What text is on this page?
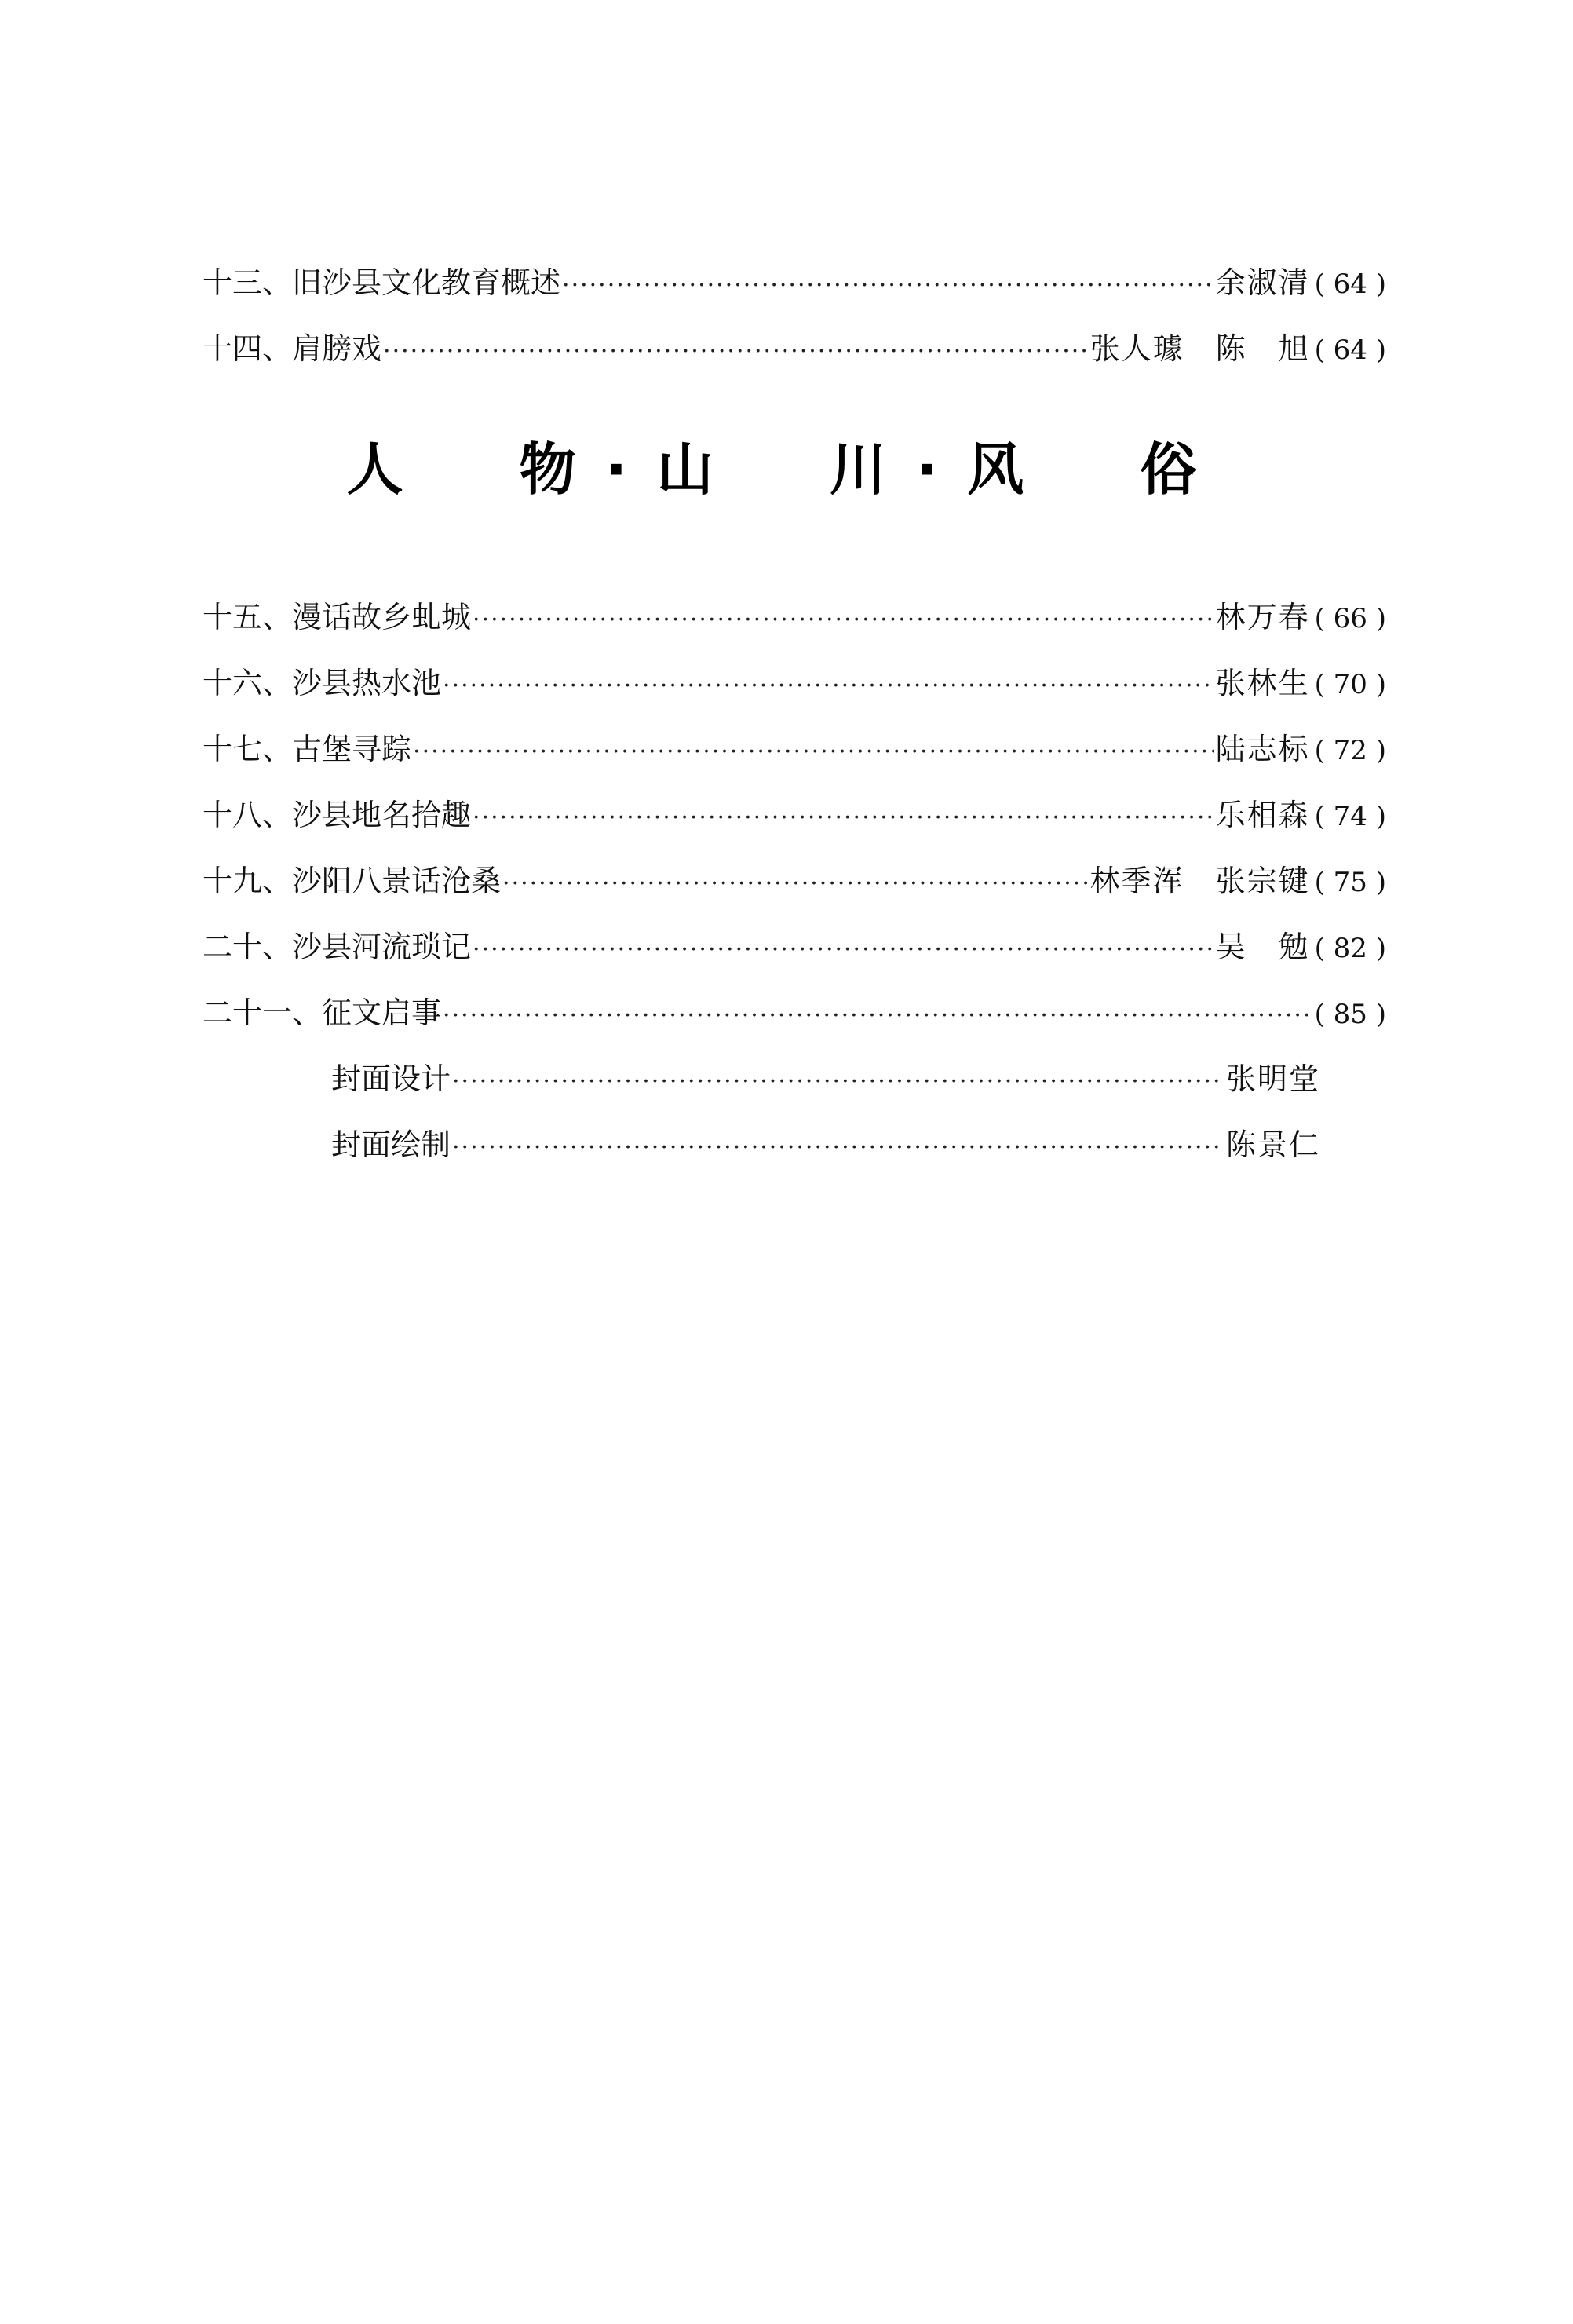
十三、 旧沙县文化教育概述 ·····	余淑清 ( 64 )
十四、 肩膀戏 ·····	张人璩　陈　旭 ( 64 )
人　物·山　川·风　俗
十五、 漫话故乡虬城 ·····	林万春 ( 66 )
十六、 沙县热水池 ·····	张林生 ( 70 )
十七、 古堡寻踪 ·····	陆志标 ( 72 )
十八、 沙县地名拾趣 ·····	乐相森 ( 74 )
十九、 沙阳八景话沧桑 ·····	林季浑　张宗键 ( 75 )
二十、 沙县河流琐记 ·····	吴　勉 ( 82 )
二十一、 征文启事 ·····	( 85 )
封面设计 ·····	张明堂
封面绘制 ·····	陈景仁
